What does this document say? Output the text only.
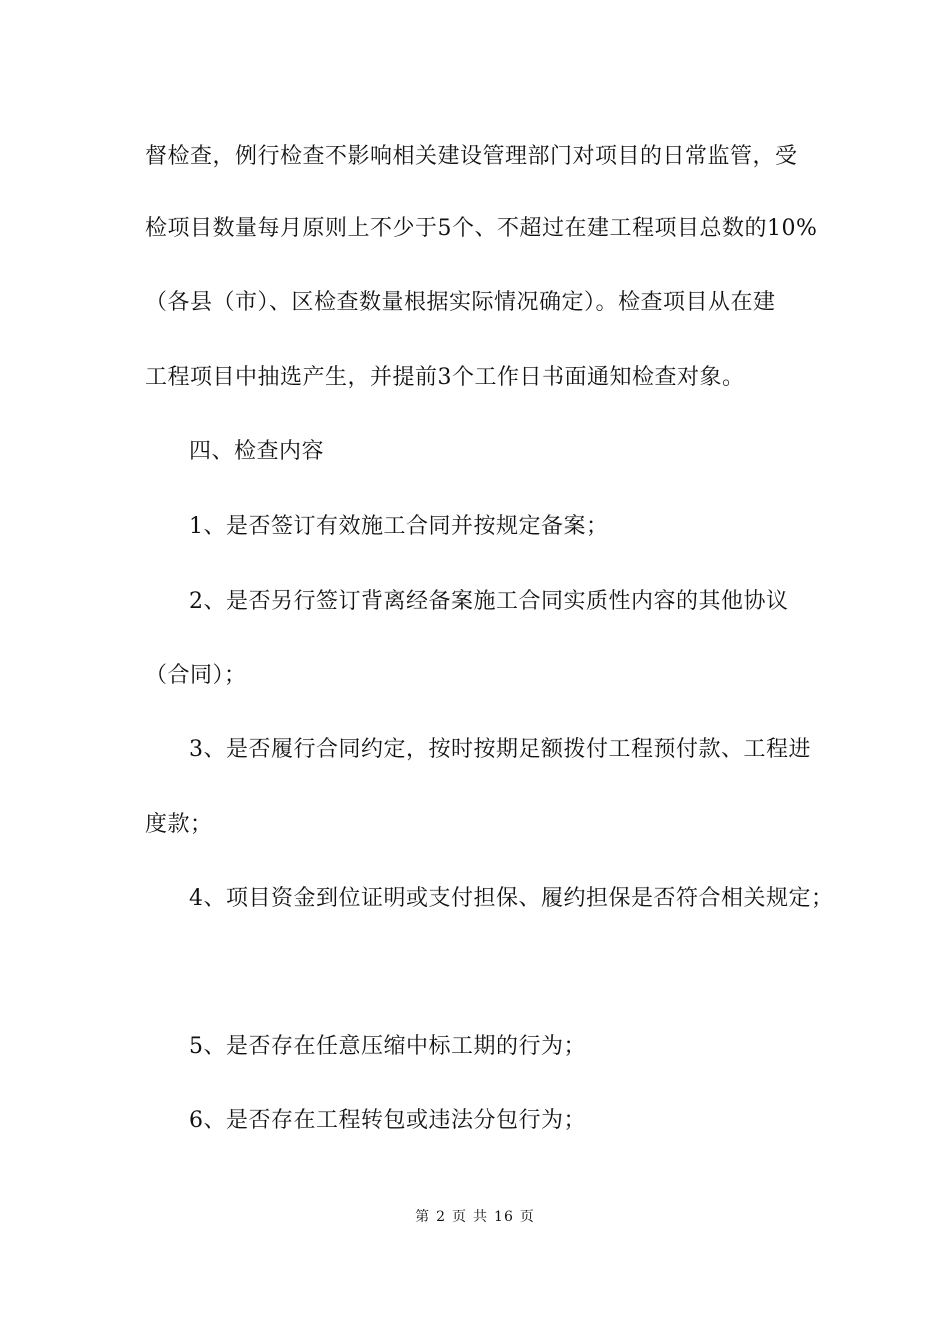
督检查，例行检查不影响相关建设管理部门对项目的日常监管，受
检项目数量每月原则上不少于5个、不超过在建工程项目总数的10%
（各县（市）、区检查数量根据实际情况确定）。检查项目从在建
工程项目中抽选产生，并提前3个工作日书面通知检查对象。
四、检查内容
1、是否签订有效施工合同并按规定备案；
2、是否另行签订背离经备案施工合同实质性内容的其他协议
（合同）；
3、是否履行合同约定，按时按期足额拨付工程预付款、工程进
度款；
4、项目资金到位证明或支付担保、履约担保是否符合相关规定；
5、是否存在任意压缩中标工期的行为；
6、是否存在工程转包或违法分包行为；
第 2 页 共 16 页
